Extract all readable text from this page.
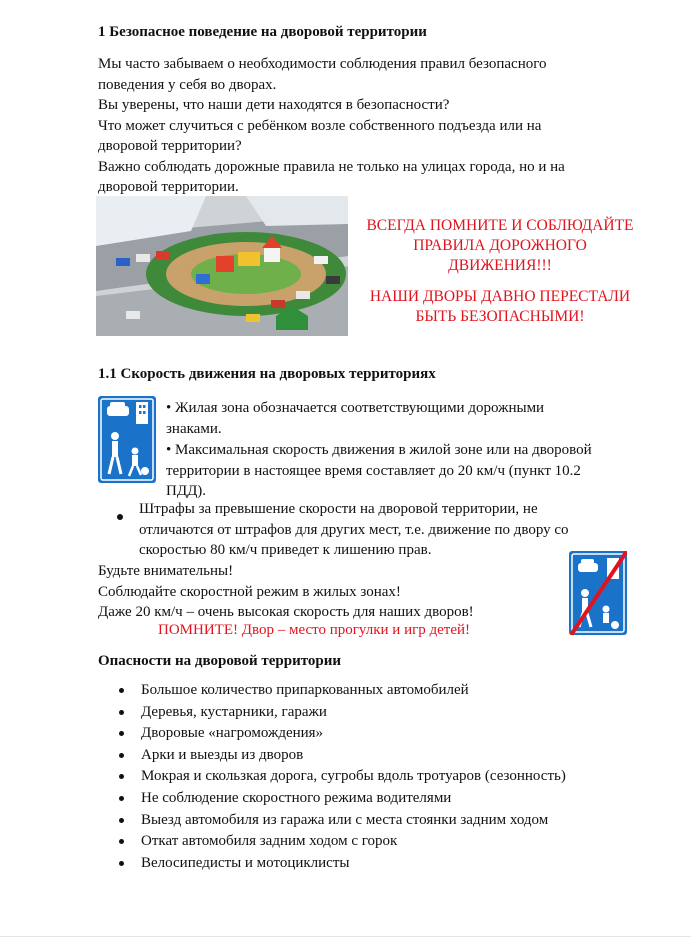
1 Безопасное поведение на дворовой территории
Мы часто забываем о необходимости соблюдения правил безопасного
поведения у себя во дворах.
Вы уверены, что наши дети находятся в безопасности?
Что может случиться с ребёнком возле собственного подъезда или на
дворовой территории?
Важно соблюдать дорожные правила не только на улицах города, но и на
дворовой территории.
ВСЕГДА ПОМНИТЕ И СОБЛЮДАЙТЕ
ПРАВИЛА ДОРОЖНОГО
ДВИЖЕНИЯ!!!
НАШИ ДВОРЫ ДАВНО ПЕРЕСТАЛИ
БЫТЬ БЕЗОПАСНЫМИ!
1.1 Скорость движения на дворовых территориях
• Жилая зона обозначается соответствующими дорожными
знаками.
• Максимальная скорость движения в жилой зоне или на дворовой
территории в настоящее время составляет до 20 км/ч (пункт 10.2
ПДД).
Штрафы за превышение скорости на дворовой территории, не
отличаются от штрафов для других мест, т.е. движение по двору со
скоростью 80 км/ч приведет к лишению прав.
Будьте внимательны!
Соблюдайте скоростной режим в жилых зонах!
Даже 20 км/ч – очень высокая скорость для наших дворов!
ПОМНИТЕ! Двор – место прогулки и игр детей!
Опасности на дворовой территории
Большое количество припаркованных автомобилей
Деревья, кустарники, гаражи
Дворовые «нагромождения»
Арки и выезды из дворов
Мокрая и скользкая дорога, сугробы вдоль тротуаров (сезонность)
Не соблюдение скоростного режима водителями
Выезд автомобиля из гаража или с места стоянки задним ходом
Откат автомобиля задним ходом с горок
Велосипедисты и мотоциклисты
